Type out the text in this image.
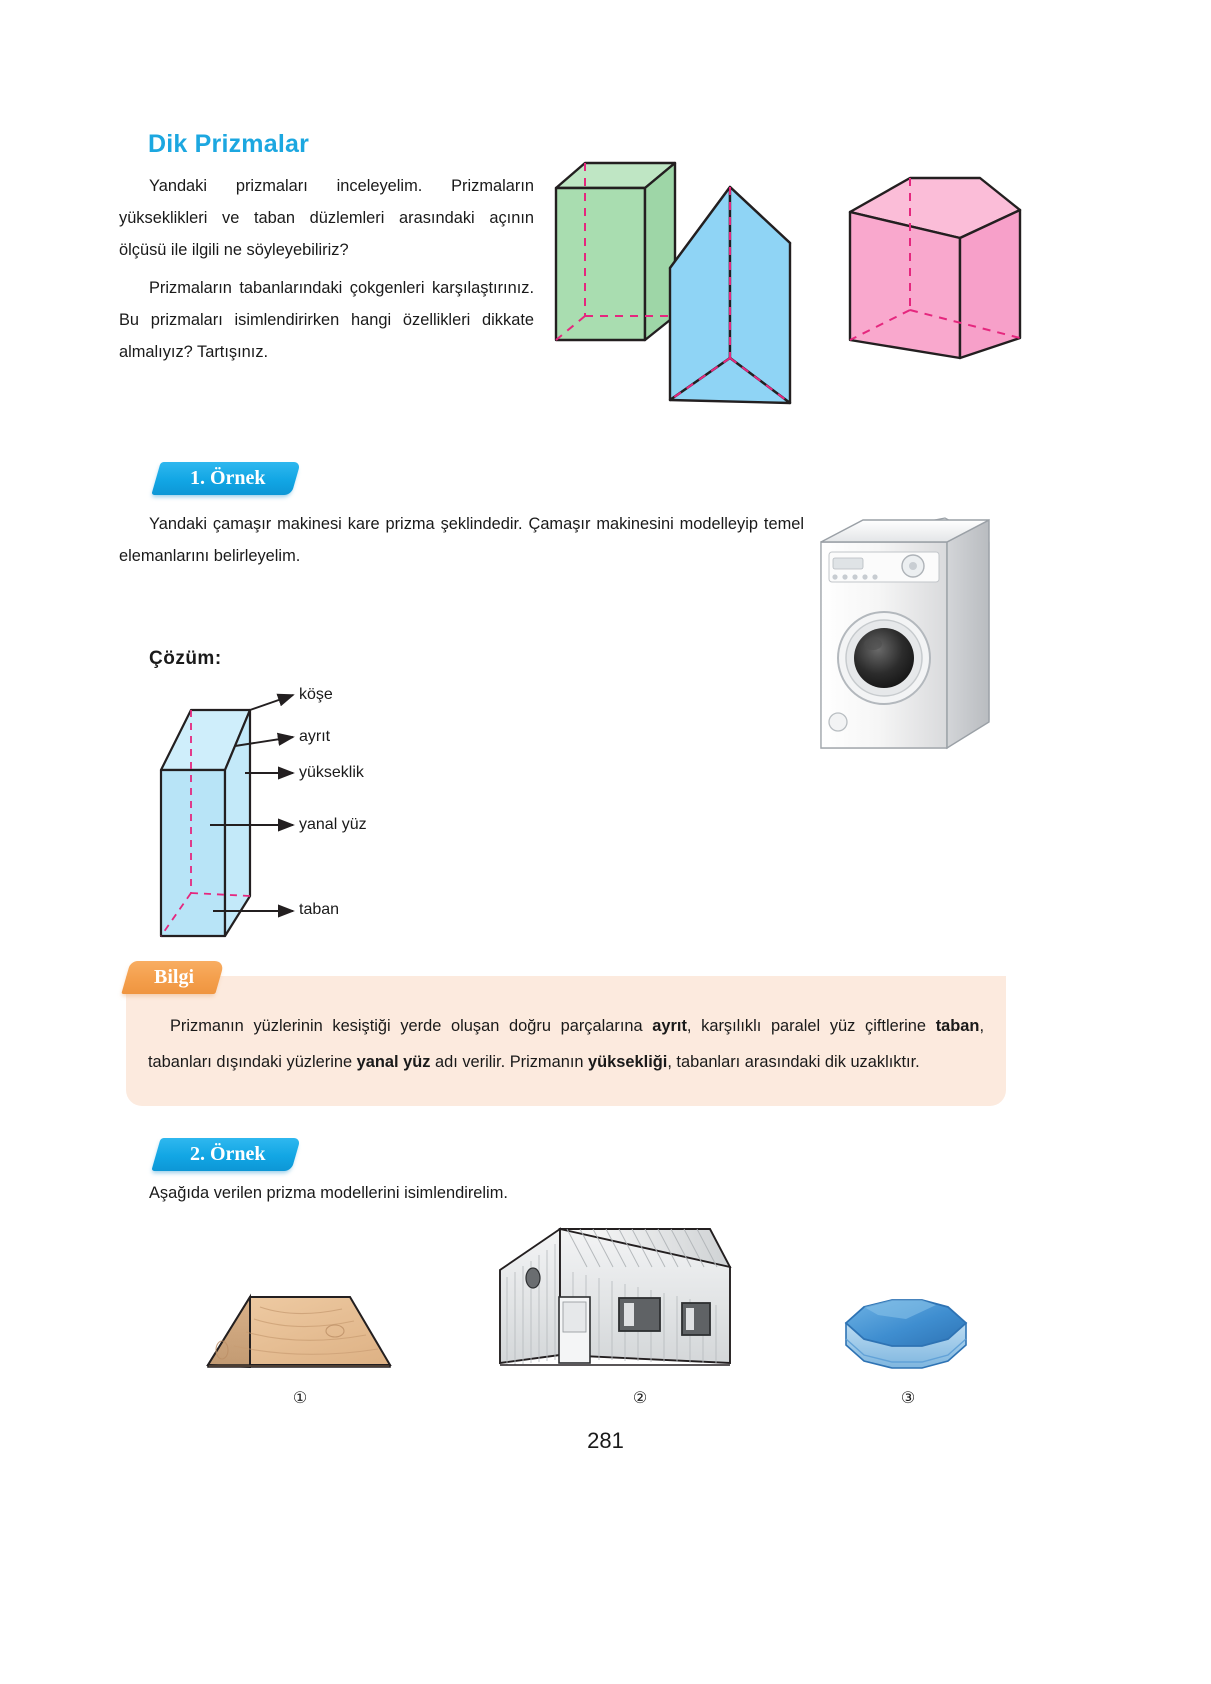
Dik Prizmalar

Yandaki prizmaları inceleyelim. Prizmaların yükseklikleri ve taban düzlemleri arasındaki açının ölçüsü ile ilgili ne söyleyebiliriz?

Prizmaların tabanlarındaki çokgenleri karşılaştırınız. Bu prizmaları isimlendirirken hangi özellikleri dikkate almalıyız? Tartışınız.

1. Örnek

Yandaki çamaşır makinesi kare prizma şeklindedir. Çamaşır makinesini modelleyip temel elemanlarını belirleyelim.

Çözüm:
köşe
ayrıt
yükseklik
yanal yüz
taban
Bilgi
Prizmanın yüzlerinin kesiştiği yerde oluşan doğru parçalarına ayrıt, karşılıklı paralel yüz çiftlerine taban, tabanları dışındaki yüzlerine yanal yüz adı verilir. Prizmanın yüksekliği, tabanları arasındaki dik uzaklıktır.
2. Örnek

Aşağıda verilen prizma modellerini isimlendirelim.

①	②	③
281
